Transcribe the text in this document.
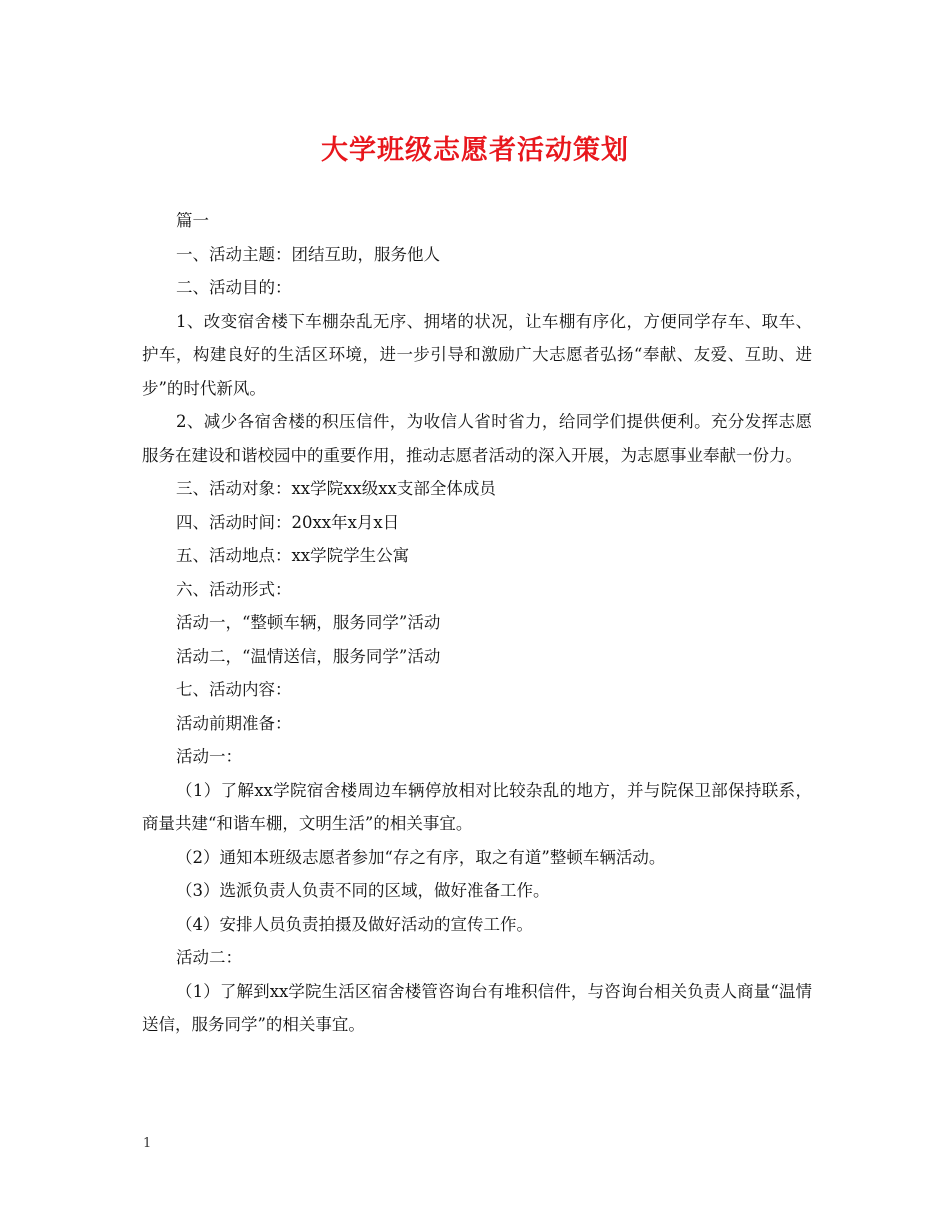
大学班级志愿者活动策划

篇一

一、活动主题：团结互助，服务他人

二、活动目的：

1、改变宿舍楼下车棚杂乱无序、拥堵的状况，让车棚有序化，方便同学存车、取车、护车，构建良好的生活区环境，进一步引导和激励广大志愿者弘扬“奉献、友爱、互助、进步”的时代新风。

2、减少各宿舍楼的积压信件，为收信人省时省力，给同学们提供便利。充分发挥志愿服务在建设和谐校园中的重要作用，推动志愿者活动的深入开展，为志愿事业奉献一份力。

三、活动对象：xx学院xx级xx支部全体成员

四、活动时间：20xx年x月x日

五、活动地点：xx学院学生公寓

六、活动形式：

活动一，“整顿车辆，服务同学”活动

活动二，“温情送信，服务同学”活动

七、活动内容：

活动前期准备：

活动一：

（1）了解xx学院宿舍楼周边车辆停放相对比较杂乱的地方，并与院保卫部保持联系，商量共建“和谐车棚，文明生活”的相关事宜。

（2）通知本班级志愿者参加“存之有序，取之有道”整顿车辆活动。

（3）选派负责人负责不同的区域，做好准备工作。

（4）安排人员负责拍摄及做好活动的宣传工作。

活动二：

（1）了解到xx学院生活区宿舍楼管咨询台有堆积信件，与咨询台相关负责人商量“温情送信，服务同学”的相关事宜。

1
